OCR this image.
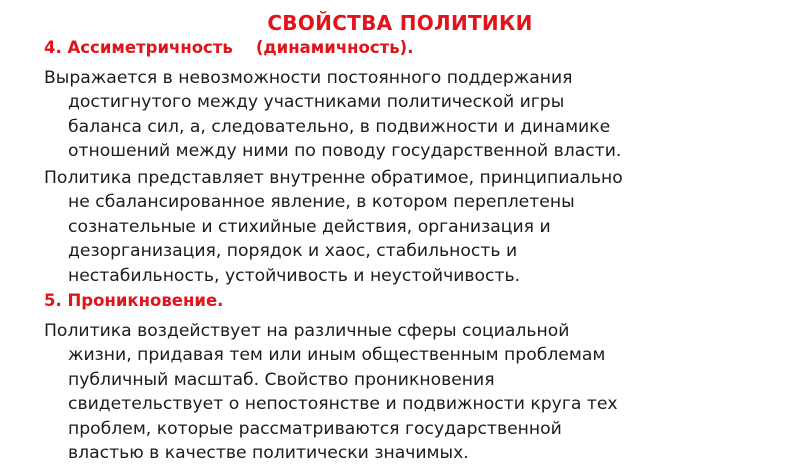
СВОЙСТВА ПОЛИТИКИ
4. Ассиметричность    (динамичность).
Выражается в невозможности постоянного поддержания
достигнутого между участниками политической игры
баланса сил, а, следовательно, в подвижности и динамике
отношений между ними по поводу государственной власти.
Политика представляет внутренне обратимое, принципиально
не сбалансированное явление, в котором переплетены
сознательные и стихийные действия, организация и
дезорганизация, порядок и хаос, стабильность и
нестабильность, устойчивость и неустойчивость.
5. Проникновение.
Политика воздействует на различные сферы социальной
жизни, придавая тем или иным общественным проблемам
публичный масштаб. Свойство проникновения
свидетельствует о непостоянстве и подвижности круга тех
проблем, которые рассматриваются государственной
властью в качестве политически значимых.
